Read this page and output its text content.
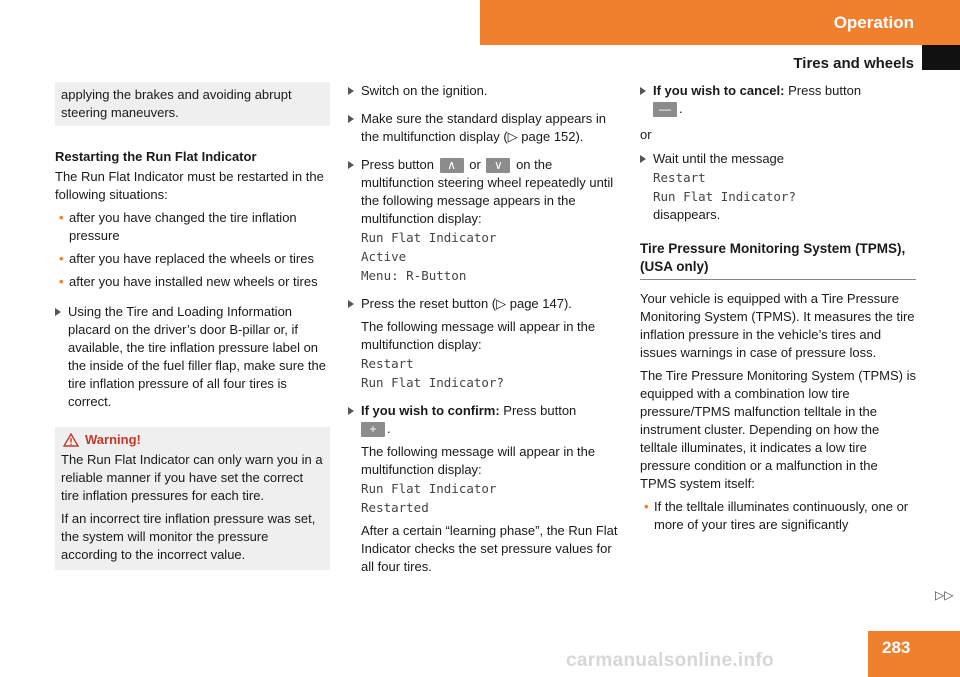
Operation
Tires and wheels
applying the brakes and avoiding abrupt steering maneuvers.
Restarting the Run Flat Indicator

The Run Flat Indicator must be restarted in the following situations:

• after you have changed the tire inflation pressure
• after you have replaced the wheels or tires
• after you have installed new wheels or tires
Using the Tire and Loading Information placard on the driver’s door B-pillar or, if available, the tire inflation pressure label on the inside of the fuel filler flap, make sure the tire inflation pressure of all four tires is correct.
Warning!

The Run Flat Indicator can only warn you in a reliable manner if you have set the correct tire inflation pressures for each tire.

If an incorrect tire inflation pressure was set, the system will monitor the pressure according to the incorrect value.

Switch on the ignition.
Make sure the standard display appears in the multifunction display (▷ page 152).
Press button ∧ or ∨ on the multifunction steering wheel repeatedly until the following message appears in the multifunction display:
Run Flat Indicator
Active
Menu: R-Button
Press the reset button (▷ page 147).

The following message will appear in the multifunction display:

Restart
Run Flat Indicator?
If you wish to confirm: Press button
+ .

The following message will appear in the multifunction display:

Run Flat Indicator
Restarted

After a certain “learning phase”, the Run Flat Indicator checks the set pressure values for all four tires.

If you wish to cancel: Press button
— .
or
Wait until the message
Restart
Run Flat Indicator?
disappears.
Tire Pressure Monitoring System (TPMS), (USA only)

Your vehicle is equipped with a Tire Pressure Monitoring System (TPMS). It measures the tire inflation pressure in the vehicle’s tires and issues warnings in case of pressure loss.

The Tire Pressure Monitoring System (TPMS) is equipped with a combination low tire pressure/TPMS malfunction telltale in the instrument cluster. Depending on how the telltale illuminates, it indicates a low tire pressure condition or a malfunction in the TPMS system itself:

• If the telltale illuminates continuously, one or more of your tires are significantly
▷▷
283
carmanualsonline.info
